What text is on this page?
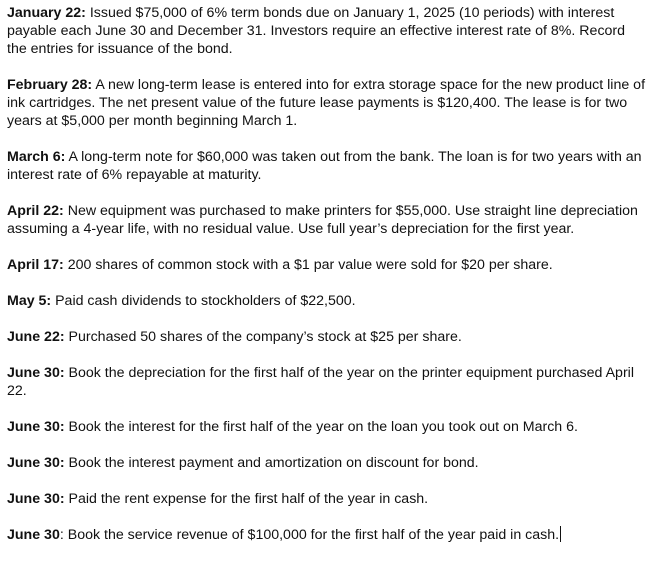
January 22: Issued $75,000 of 6% term bonds due on January 1, 2025 (10 periods) with interest payable each June 30 and December 31. Investors require an effective interest rate of 8%. Record the entries for issuance of the bond.

February 28: A new long-term lease is entered into for extra storage space for the new product line of ink cartridges. The net present value of the future lease payments is $120,400. The lease is for two years at $5,000 per month beginning March 1.

March 6: A long-term note for $60,000 was taken out from the bank. The loan is for two years with an interest rate of 6% repayable at maturity.

April 22: New equipment was purchased to make printers for $55,000. Use straight line depreciation assuming a 4-year life, with no residual value. Use full year’s depreciation for the first year.

April 17: 200 shares of common stock with a $1 par value were sold for $20 per share.

May 5: Paid cash dividends to stockholders of $22,500.

June 22: Purchased 50 shares of the company’s stock at $25 per share.

June 30: Book the depreciation for the first half of the year on the printer equipment purchased April 22.

June 30: Book the interest for the first half of the year on the loan you took out on March 6.

June 30: Book the interest payment and amortization on discount for bond.

June 30: Paid the rent expense for the first half of the year in cash.

June 30: Book the service revenue of $100,000 for the first half of the year paid in cash.
